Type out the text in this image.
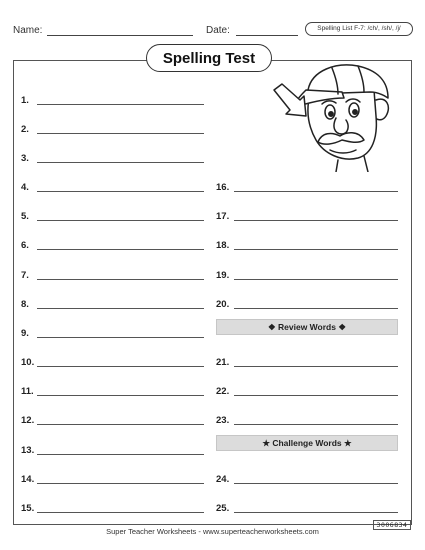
Name:	Date:	Spelling List F-7: /ch/, /sh/, /j/
Spelling Test
1.
2.
3.
4.
5.
6.
7.
8.
9.
10.
11.
12.
13.
14.
15.
16.
17.
18.
19.
20.
❖ Review Words ❖
21.
22.
23.
★ Challenge Words ★
24.
25.
Super Teacher Worksheets - www.superteacherworksheets.com
3006834
